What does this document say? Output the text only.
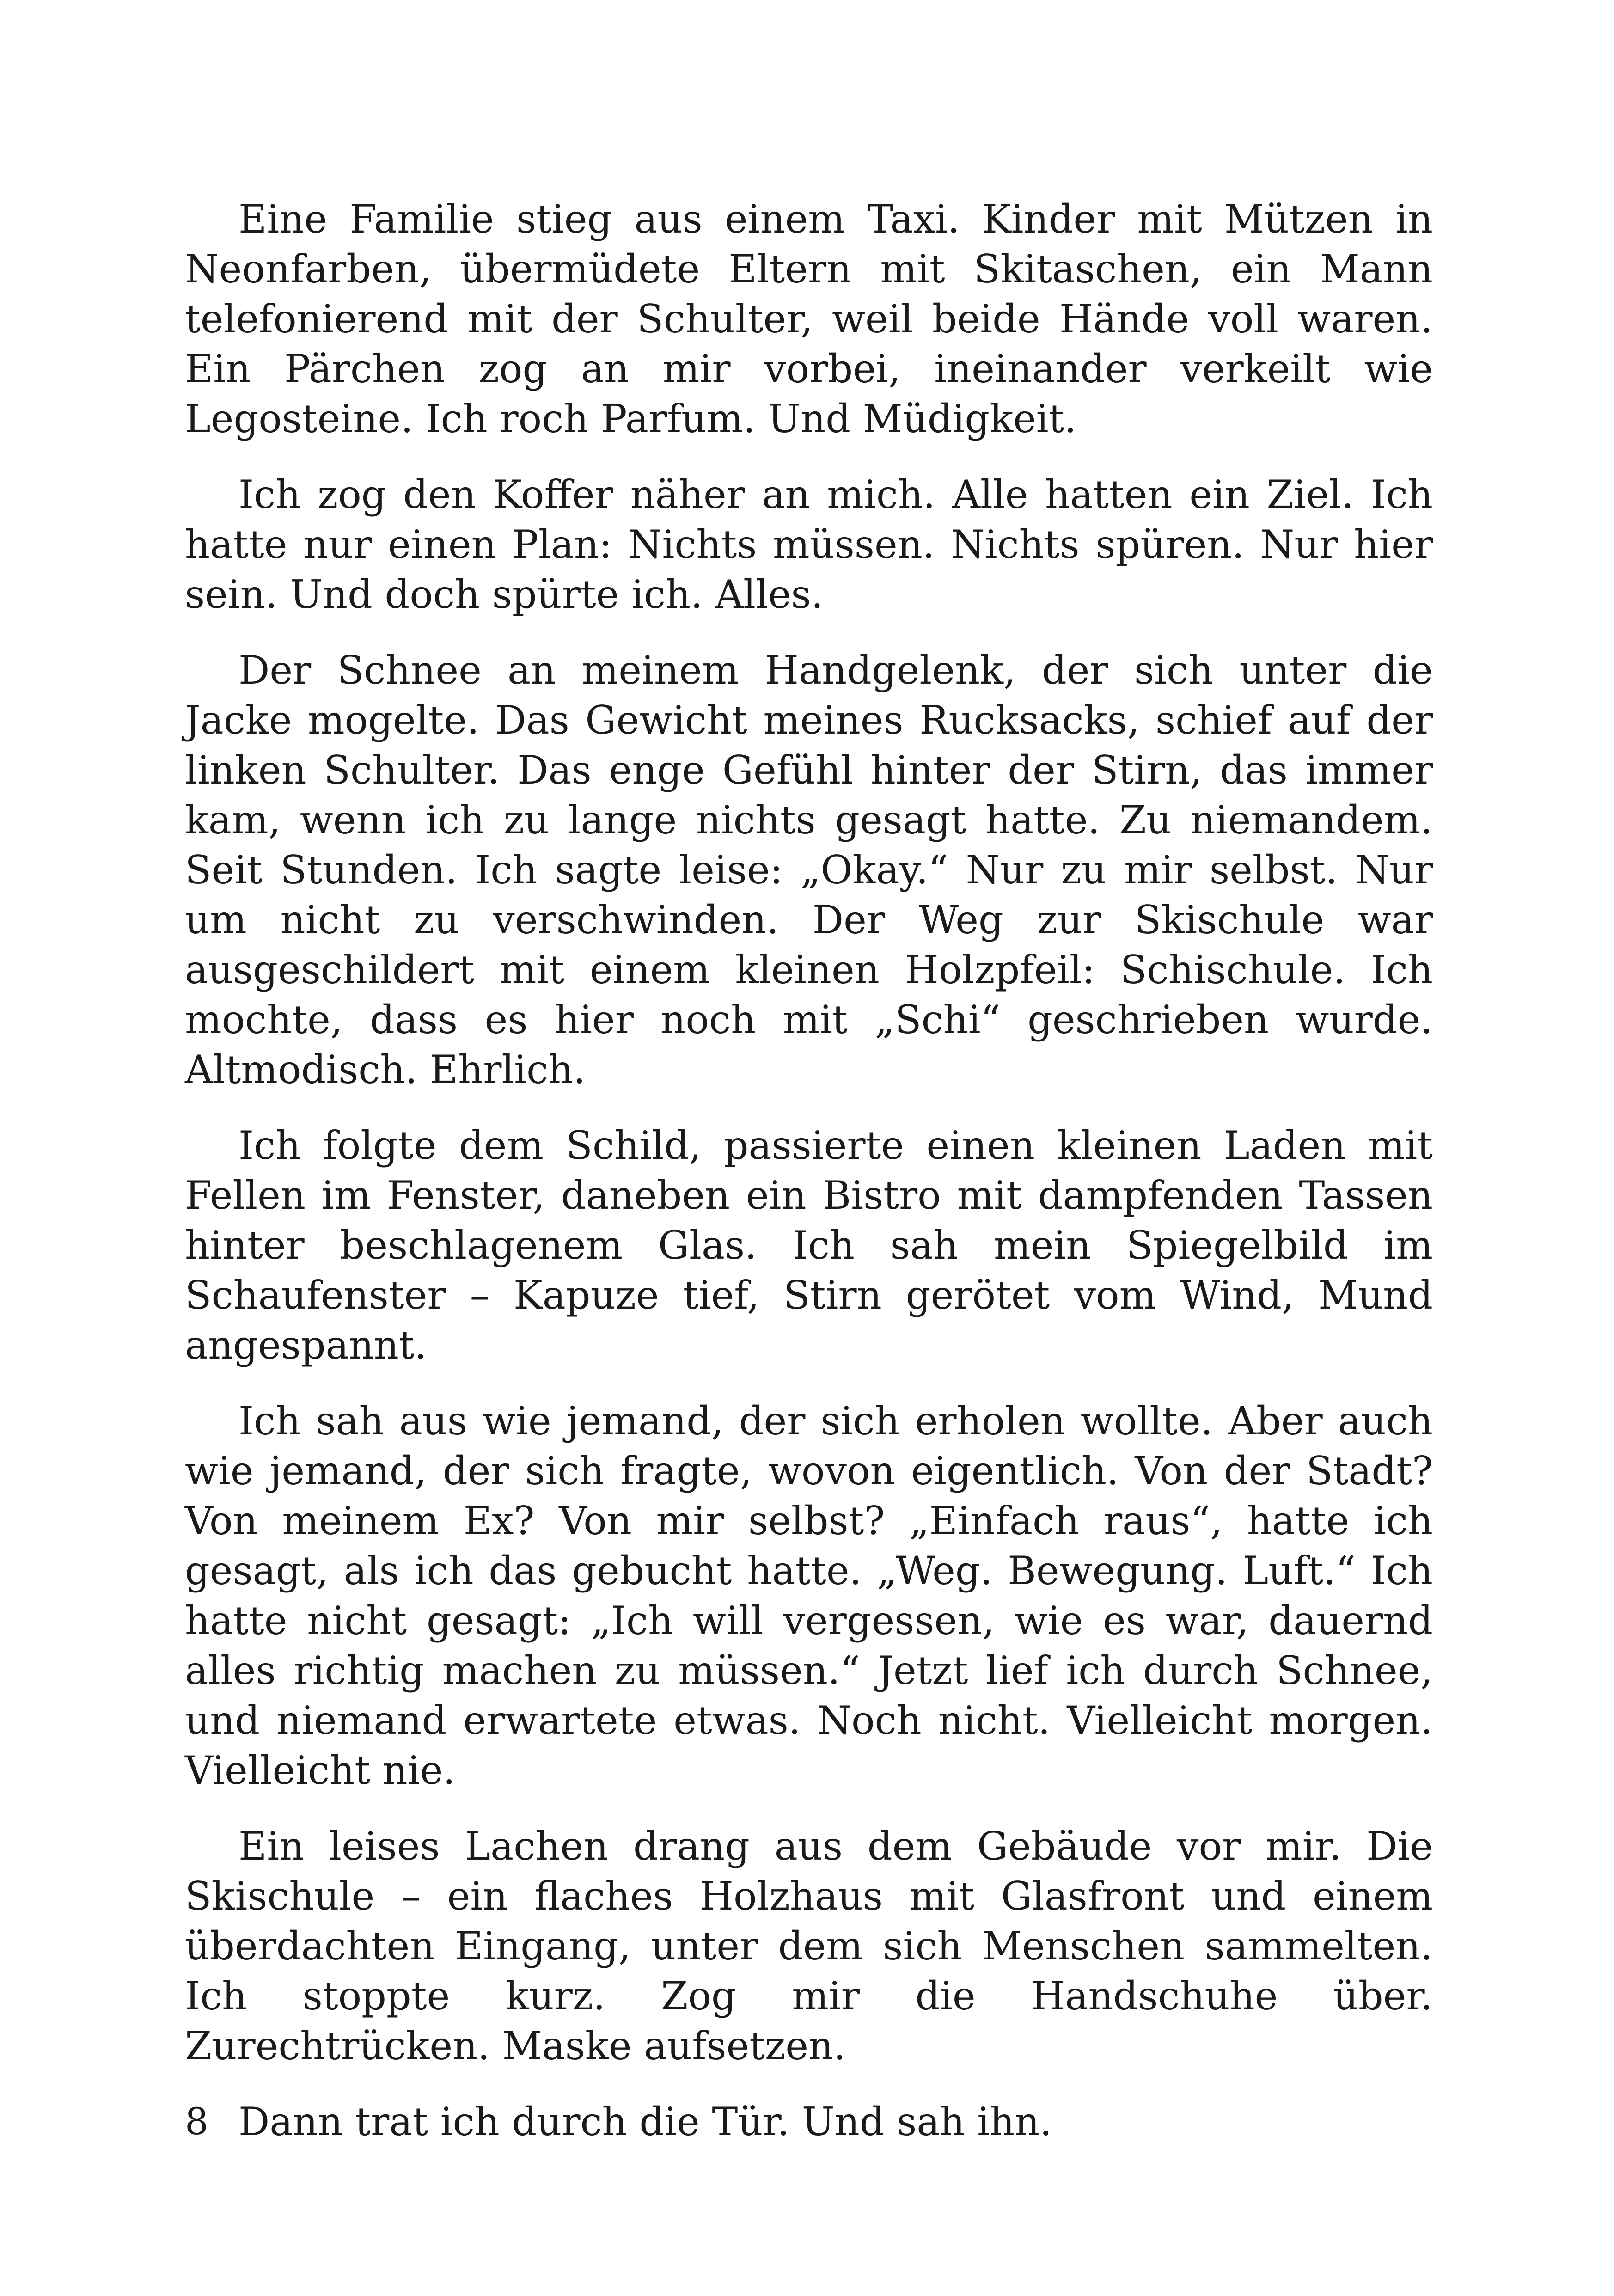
Eine Familie stieg aus einem Taxi. Kinder mit Mützen in Neonfarben, übermüdete Eltern mit Skitaschen, ein Mann telefonierend mit der Schulter, weil beide Hände voll waren. Ein Pärchen zog an mir vorbei, ineinander verkeilt wie Legosteine. Ich roch Parfum. Und Müdigkeit.

Ich zog den Koffer näher an mich. Alle hatten ein Ziel. Ich hatte nur einen Plan: Nichts müssen. Nichts spüren. Nur hier sein. Und doch spürte ich. Alles.

Der Schnee an meinem Handgelenk, der sich unter die Jacke mogelte. Das Gewicht meines Rucksacks, schief auf der linken Schulter. Das enge Gefühl hinter der Stirn, das immer kam, wenn ich zu lange nichts gesagt hatte. Zu niemandem. Seit Stunden. Ich sagte leise: „Okay.“ Nur zu mir selbst. Nur um nicht zu verschwinden. Der Weg zur Skischule war ausgeschildert mit einem kleinen Holzpfeil: Schischule. Ich mochte, dass es hier noch mit „Schi“ geschrieben wurde. Altmodisch. Ehrlich.

Ich folgte dem Schild, passierte einen kleinen Laden mit Fellen im Fenster, daneben ein Bistro mit dampfenden Tassen hinter beschlagenem Glas. Ich sah mein Spiegelbild im Schaufenster – Kapuze tief, Stirn gerötet vom Wind, Mund angespannt.

Ich sah aus wie jemand, der sich erholen wollte. Aber auch wie jemand, der sich fragte, wovon eigentlich. Von der Stadt? Von meinem Ex? Von mir selbst? „Einfach raus“, hatte ich gesagt, als ich das gebucht hatte. „Weg. Bewegung. Luft.“ Ich hatte nicht gesagt: „Ich will vergessen, wie es war, dauernd alles richtig machen zu müssen.“ Jetzt lief ich durch Schnee, und niemand erwartete etwas. Noch nicht. Vielleicht morgen. Vielleicht nie.

Ein leises Lachen drang aus dem Gebäude vor mir. Die Skischule – ein flaches Holzhaus mit Glasfront und einem überdachten Eingang, unter dem sich Menschen sammelten. Ich stoppte kurz. Zog mir die Handschuhe über. Zurechtrücken. Maske aufsetzen.

Dann trat ich durch die Tür. Und sah ihn.

8
